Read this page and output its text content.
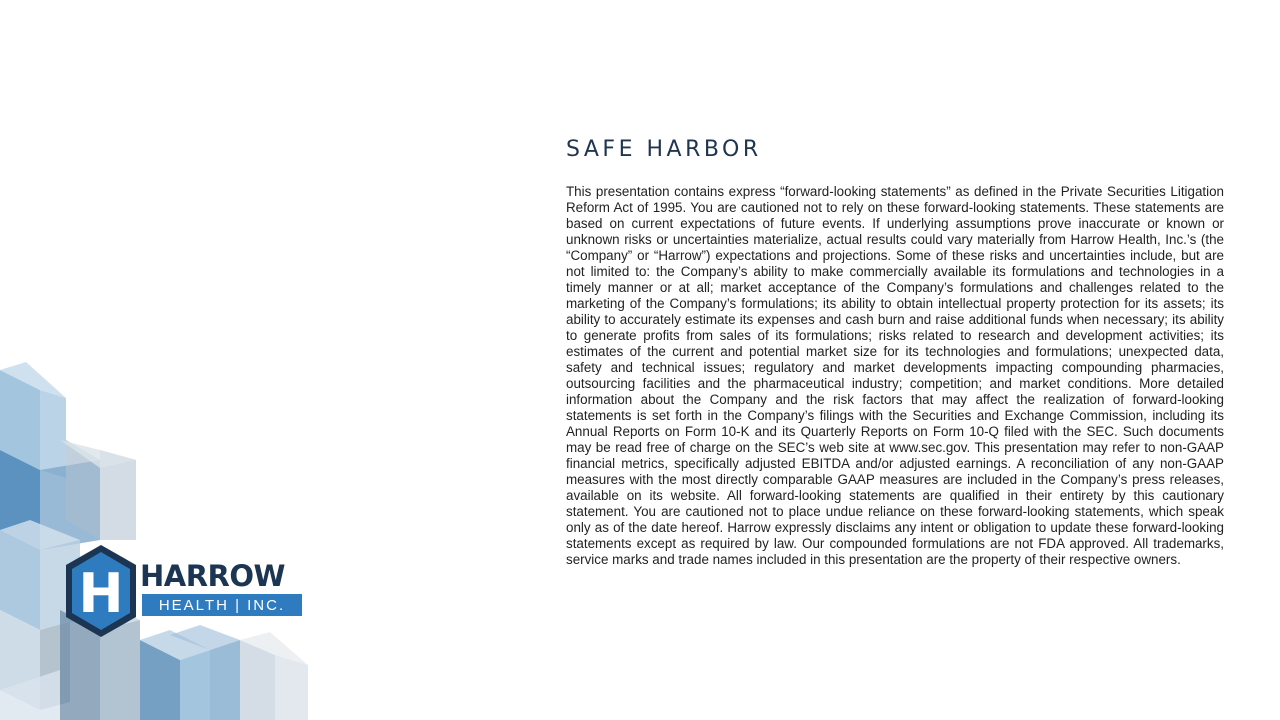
H HARROW
HEALTH | INC.
SAFE HARBOR

This presentation contains express “forward-looking statements” as defined in the Private Securities Litigation Reform Act of 1995. You are cautioned not to rely on these forward-looking statements. These statements are based on current expectations of future events. If underlying assumptions prove inaccurate or known or unknown risks or uncertainties materialize, actual results could vary materially from Harrow Health, Inc.’s (the “Company” or “Harrow”) expectations and projections. Some of these risks and uncertainties include, but are not limited to: the Company’s ability to make commercially available its formulations and technologies in a timely manner or at all; market acceptance of the Company’s formulations and challenges related to the marketing of the Company’s formulations; its ability to obtain intellectual property protection for its assets; its ability to accurately estimate its expenses and cash burn and raise additional funds when necessary; its ability to generate profits from sales of its formulations; risks related to research and development activities; its estimates of the current and potential market size for its technologies and formulations; unexpected data, safety and technical issues; regulatory and market developments impacting compounding pharmacies, outsourcing facilities and the pharmaceutical industry; competition; and market conditions. More detailed information about the Company and the risk factors that may affect the realization of forward-looking statements is set forth in the Company’s filings with the Securities and Exchange Commission, including its Annual Reports on Form 10-K and its Quarterly Reports on Form 10-Q filed with the SEC. Such documents may be read free of charge on the SEC’s web site at www.sec.gov. This presentation may refer to non-GAAP financial metrics, specifically adjusted EBITDA and/or adjusted earnings. A reconciliation of any non-GAAP measures with the most directly comparable GAAP measures are included in the Company’s press releases, available on its website. All forward-looking statements are qualified in their entirety by this cautionary statement. You are cautioned not to place undue reliance on these forward-looking statements, which speak only as of the date hereof. Harrow expressly disclaims any intent or obligation to update these forward-looking statements except as required by law. Our compounded formulations are not FDA approved. All trademarks, service marks and trade names included in this presentation are the property of their respective owners.
